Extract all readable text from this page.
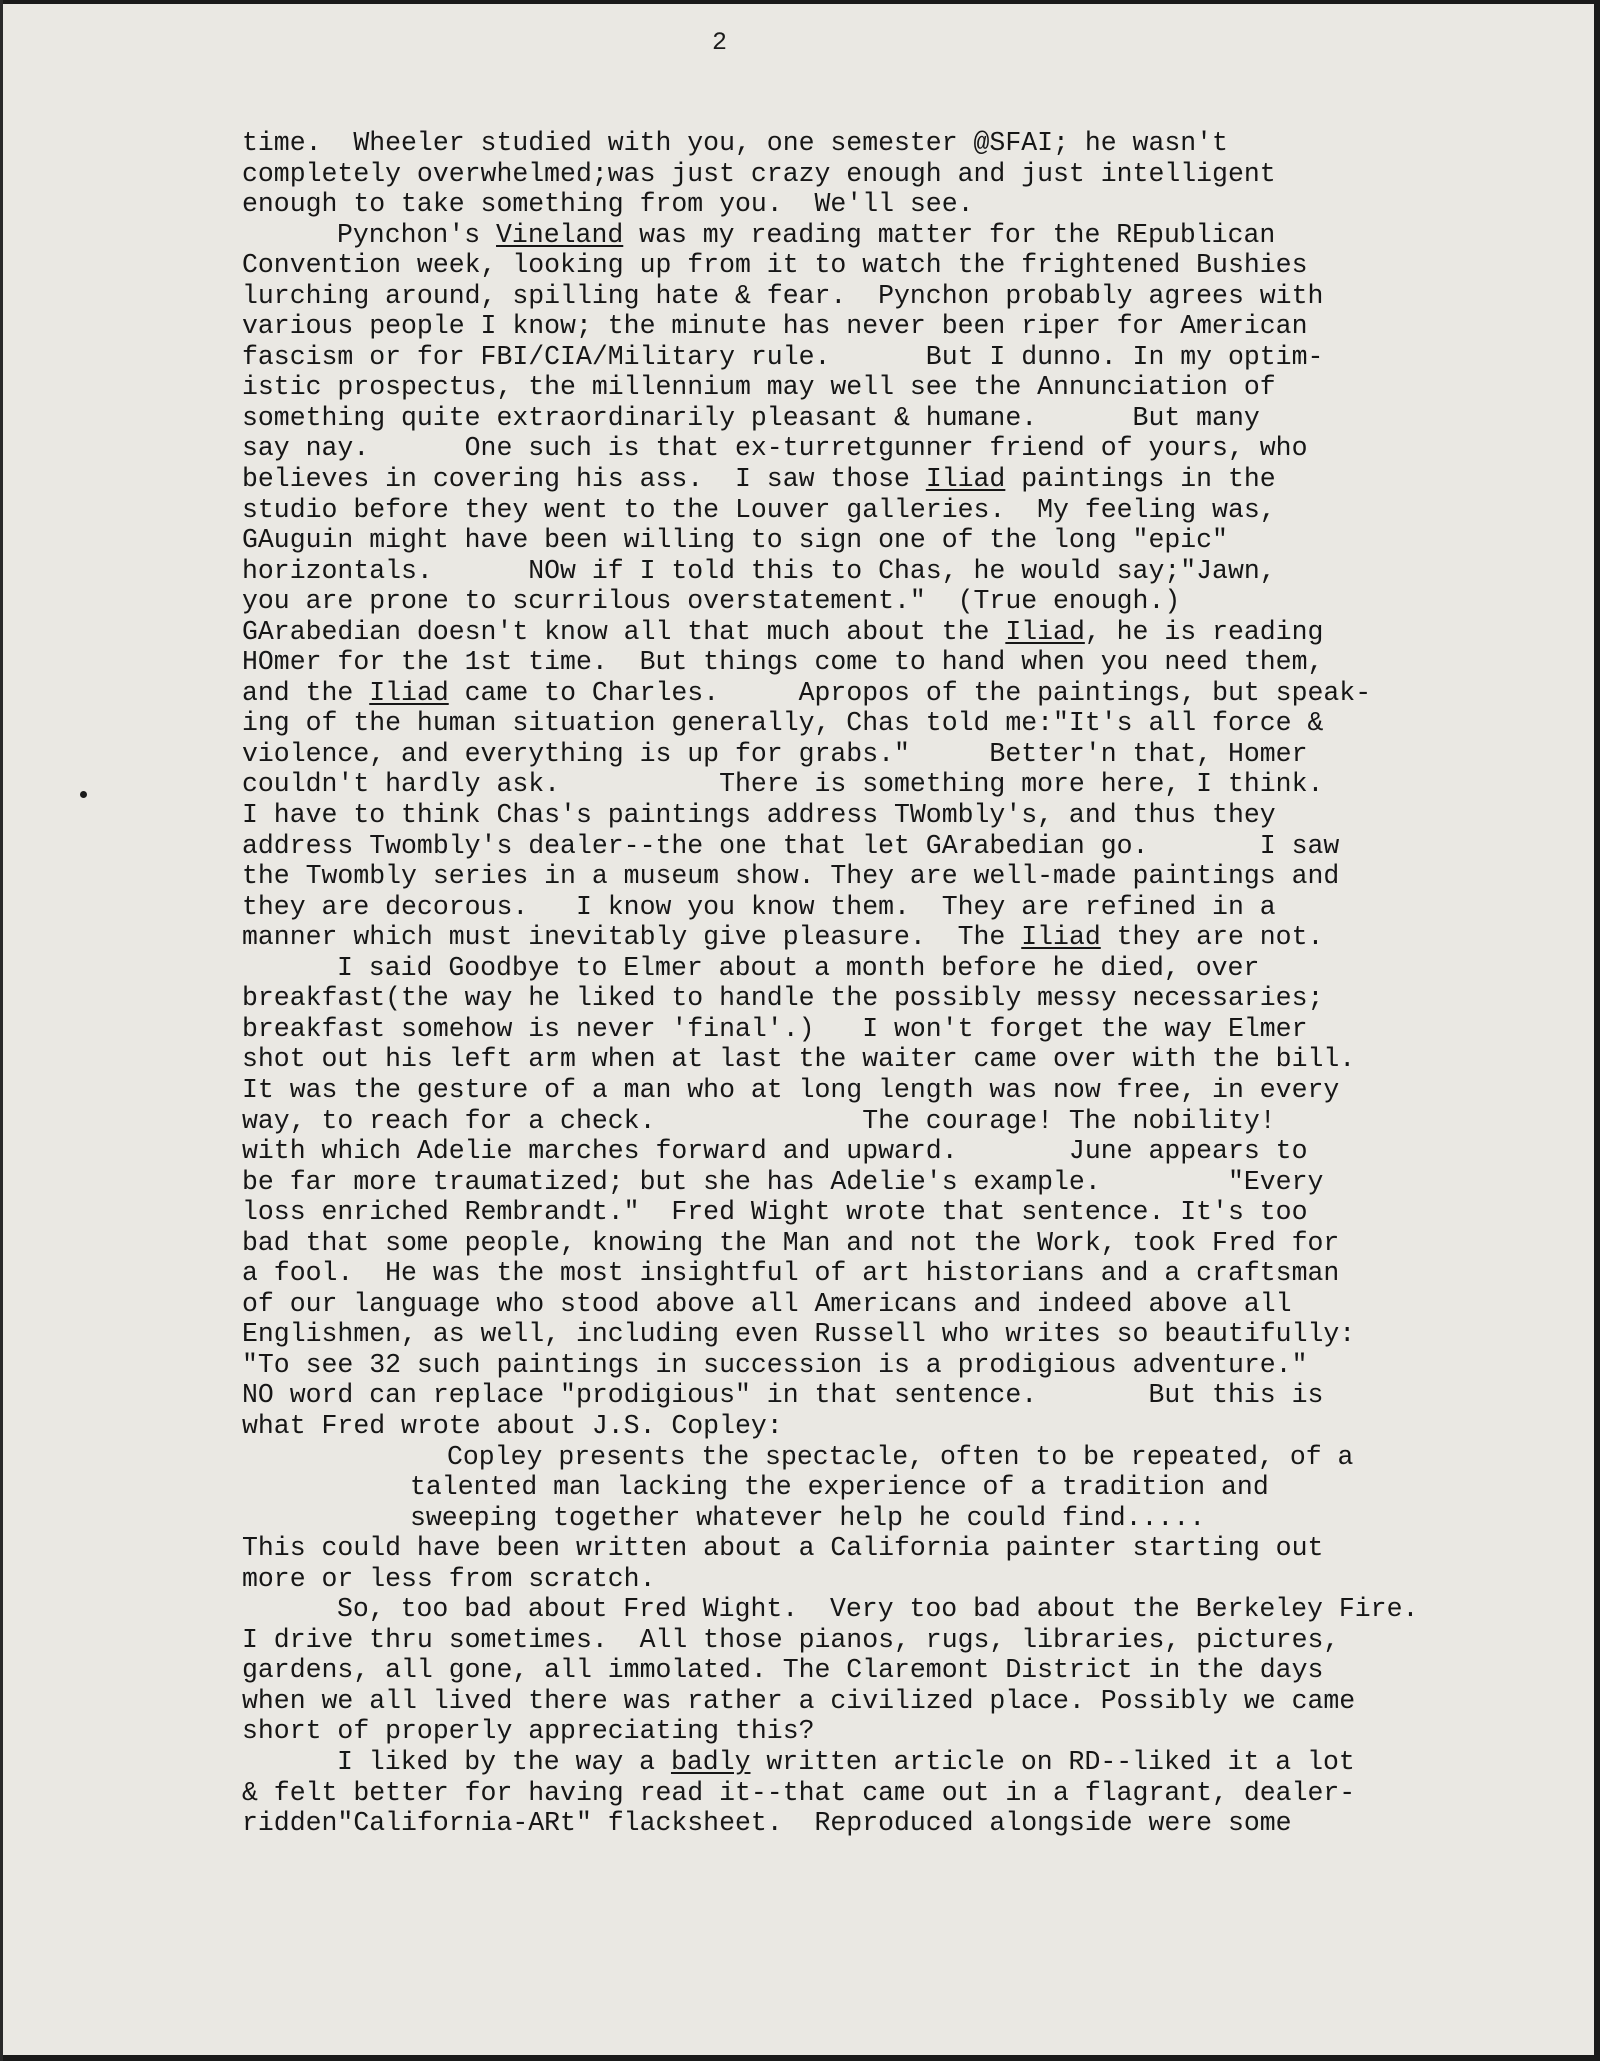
2
time.  Wheeler studied with you, one semester @SFAI; he wasn't
completely overwhelmed;was just crazy enough and just intelligent
enough to take something from you.  We'll see.
Pynchon's Vineland was my reading matter for the REpublican
Convention week, looking up from it to watch the frightened Bushies
lurching around, spilling hate & fear.  Pynchon probably agrees with
various people I know; the minute has never been riper for American
fascism or for FBI/CIA/Military rule.      But I dunno. In my optim-
istic prospectus, the millennium may well see the Annunciation of
something quite extraordinarily pleasant & humane.      But many
say nay.      One such is that ex-turretgunner friend of yours, who
believes in covering his ass.  I saw those Iliad paintings in the
studio before they went to the Louver galleries.  My feeling was,
GAuguin might have been willing to sign one of the long "epic"
horizontals.      NOw if I told this to Chas, he would say;"Jawn,
you are prone to scurrilous overstatement."  (True enough.)
GArabedian doesn't know all that much about the Iliad, he is reading
HOmer for the 1st time.  But things come to hand when you need them,
and the Iliad came to Charles.     Apropos of the paintings, but speak-
ing of the human situation generally, Chas told me:"It's all force &
violence, and everything is up for grabs."     Better'n that, Homer
couldn't hardly ask.          There is something more here, I think.
I have to think Chas's paintings address TWombly's, and thus they
address Twombly's dealer--the one that let GArabedian go.       I saw
the Twombly series in a museum show. They are well-made paintings and
they are decorous.   I know you know them.  They are refined in a
manner which must inevitably give pleasure.  The Iliad they are not.
I said Goodbye to Elmer about a month before he died, over
breakfast(the way he liked to handle the possibly messy necessaries;
breakfast somehow is never 'final'.)   I won't forget the way Elmer
shot out his left arm when at last the waiter came over with the bill.
It was the gesture of a man who at long length was now free, in every
way, to reach for a check.             The courage! The nobility!
with which Adelie marches forward and upward.       June appears to
be far more traumatized; but she has Adelie's example.        "Every
loss enriched Rembrandt."  Fred Wight wrote that sentence. It's too
bad that some people, knowing the Man and not the Work, took Fred for
a fool.  He was the most insightful of art historians and a craftsman
of our language who stood above all Americans and indeed above all
Englishmen, as well, including even Russell who writes so beautifully:
"To see 32 such paintings in succession is a prodigious adventure."
NO word can replace "prodigious" in that sentence.       But this is
what Fred wrote about J.S. Copley:
Copley presents the spectacle, often to be repeated, of a
talented man lacking the experience of a tradition and
sweeping together whatever help he could find.....
This could have been written about a California painter starting out
more or less from scratch.
So, too bad about Fred Wight.  Very too bad about the Berkeley Fire.
I drive thru sometimes.  All those pianos, rugs, libraries, pictures,
gardens, all gone, all immolated. The Claremont District in the days
when we all lived there was rather a civilized place. Possibly we came
short of properly appreciating this?
I liked by the way a badly written article on RD--liked it a lot
& felt better for having read it--that came out in a flagrant, dealer-
ridden"California-ARt" flacksheet.  Reproduced alongside were some
